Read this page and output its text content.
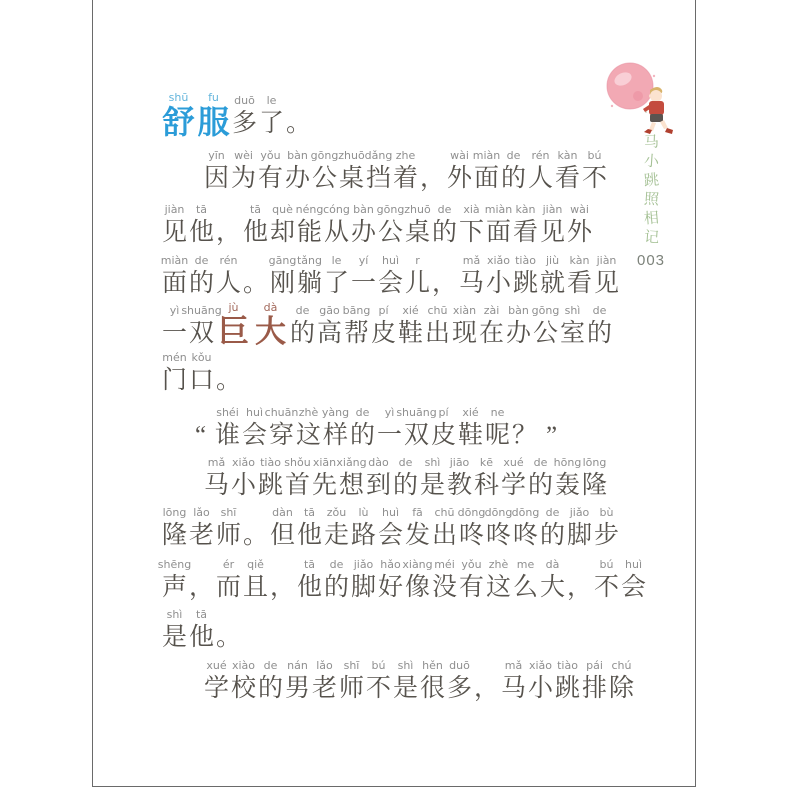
shū
舒
fu
服
duō
多
le
了 。
yīn
因
wèi
为
yǒu
有
bàn
办
gōng
公
zhuō
桌
dǎng
挡
zhe
着 ，
wài
外
miàn
面
de
的
rén
人
kàn
看
bú
不
jiàn
见
tā
他 ，
tā
他
què
却
néng
能
cóng
从
bàn
办
gōng
公
zhuō
桌
de
的
xià
下
miàn
面
kàn
看
jiàn
见
wài
外
miàn
面
de
的
rén
人 。
gāng
刚
tǎng
躺
le
了
yí
一
huì
会
r
儿 ，
mǎ
马
xiǎo
小
tiào
跳
jiù
就
kàn
看
jiàn
见
yì
一
shuāng
双
jù
巨
dà
大
de
的
gāo
高
bāng
帮
pí
皮
xié
鞋
chū
出
xiàn
现
zài
在
bàn
办
gōng
公
shì
室
de
的
mén
门
kǒu
口 。
“
shéi
谁
huì
会
chuān
穿
zhè
这
yàng
样
de
的
yì
一
shuāng
双
pí
皮
xié
鞋
ne
呢 ？ ”
mǎ
马
xiǎo
小
tiào
跳
shǒu
首
xiān
先
xiǎng
想
dào
到
de
的
shì
是
jiāo
教
kē
科
xué
学
de
的
hōng
轰
lōng
隆
lōng
隆
lǎo
老
shī
师 。
dàn
但
tā
他
zǒu
走
lù
路
huì
会
fā
发
chū
出
dōng
咚
dōng
咚
dōng
咚
de
的
jiǎo
脚
bù
步
shēng
声 ，
ér
而
qiě
且 ，
tā
他
de
的
jiǎo
脚
hǎo
好
xiàng
像
méi
没
yǒu
有
zhè
这
me
么
dà
大 ，
bú
不
huì
会
shì
是
tā
他 。
xué
学
xiào
校
de
的
nán
男
lǎo
老
shī
师
bú
不
shì
是
hěn
很
duō
多 ，
mǎ
马
xiǎo
小
tiào
跳
pái
排
chú
除
马
小
跳
照
相
记
003
